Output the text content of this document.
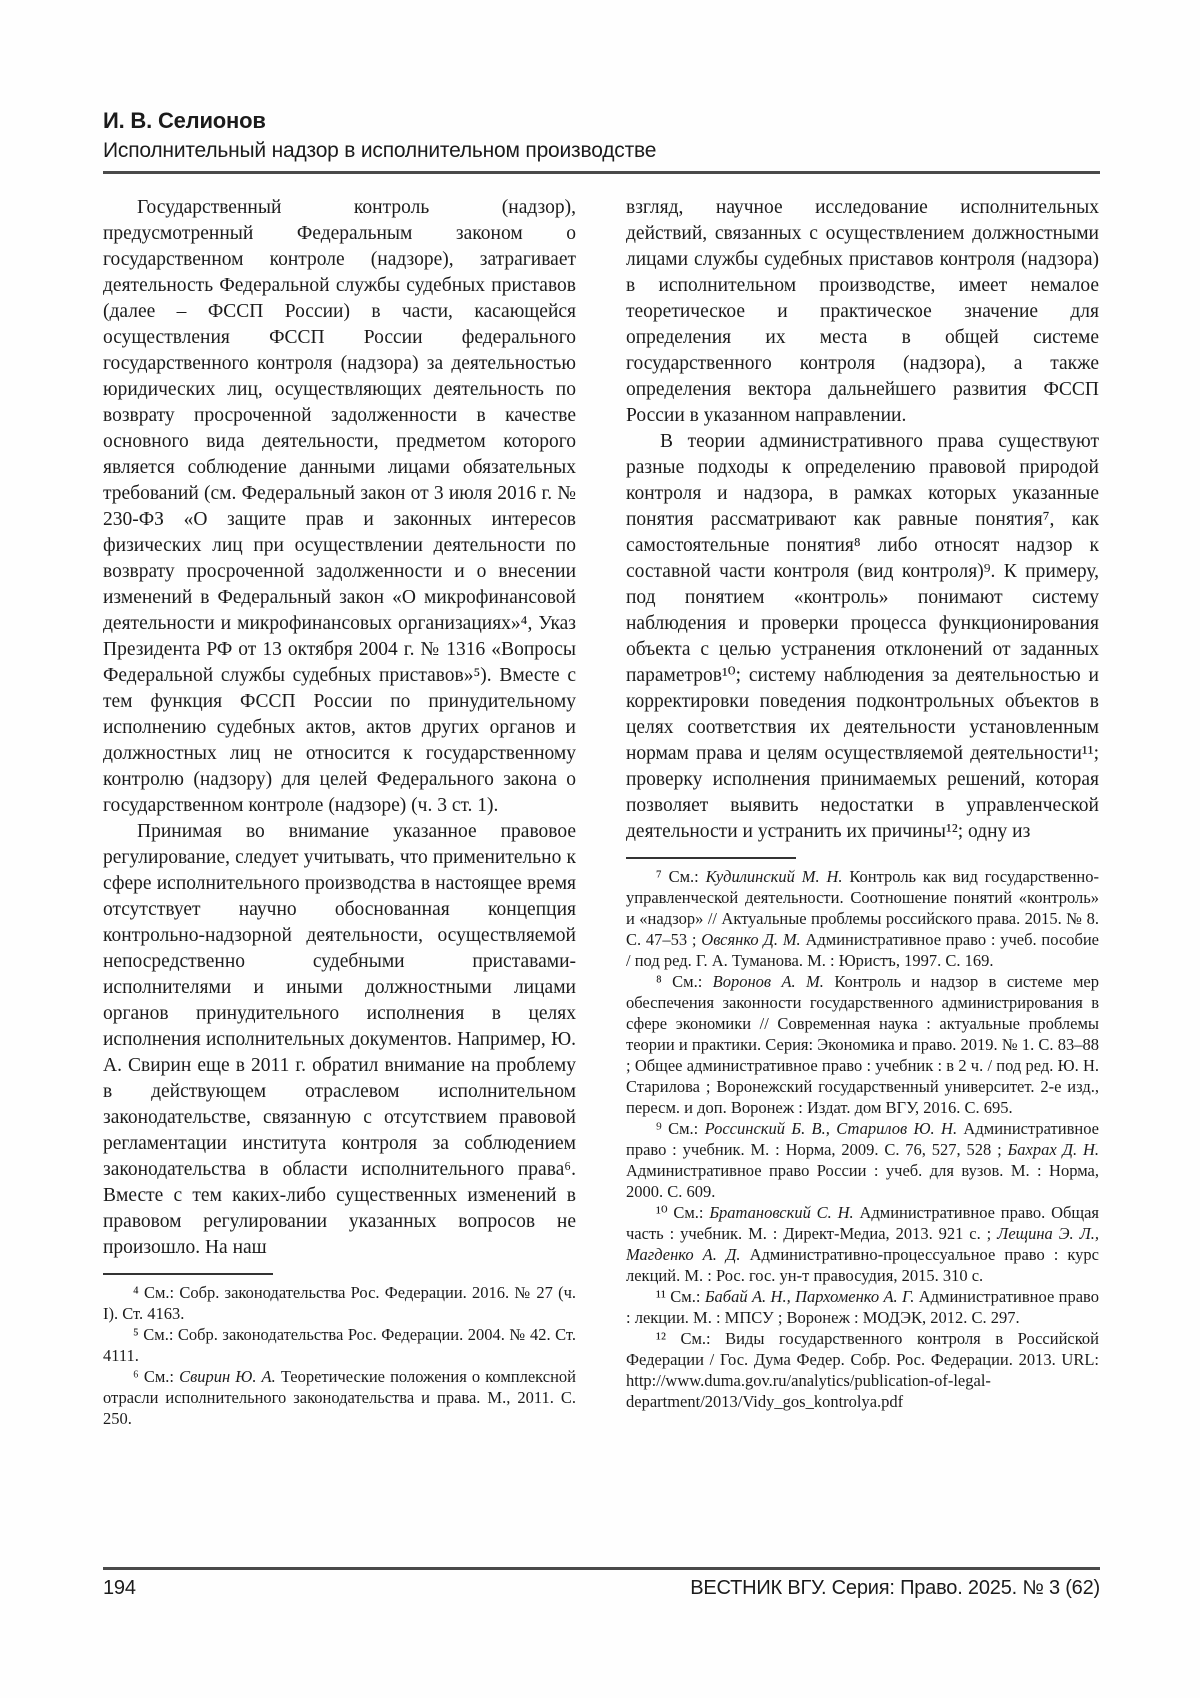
И. В. Селионов
Исполнительный надзор в исполнительном производстве

Государственный контроль (надзор), предусмотренный Федеральным законом о государственном контроле (надзоре), затрагивает деятельность Федеральной службы судебных приставов (далее – ФССП России) в части, касающейся осуществления ФССП России федерального государственного контроля (надзора) за деятельностью юридических лиц, осуществляющих деятельность по возврату просроченной задолженности в качестве основного вида деятельности, предметом которого является соблюдение данными лицами обязательных требований (см. Федеральный закон от 3 июля 2016 г. № 230-ФЗ «О защите прав и законных интересов физических лиц при осуществлении деятельности по возврату просроченной задолженности и о внесении изменений в Федеральный закон «О микрофинансовой деятельности и микрофинансовых организациях»⁴, Указ Президента РФ от 13 октября 2004 г. № 1316 «Вопросы Федеральной службы судебных приставов»⁵). Вместе с тем функция ФССП России по принудительному исполнению судебных актов, актов других органов и должностных лиц не относится к государственному контролю (надзору) для целей Федерального закона о государственном контроле (надзоре) (ч. 3 ст. 1).

Принимая во внимание указанное правовое регулирование, следует учитывать, что применительно к сфере исполнительного производства в настоящее время отсутствует научно обоснованная концепция контрольно-надзорной деятельности, осуществляемой непосредственно судебными приставами-исполнителями и иными должностными лицами органов принудительного исполнения в целях исполнения исполнительных документов. Например, Ю. А. Свирин еще в 2011 г. обратил внимание на проблему в действующем отраслевом исполнительном законодательстве, связанную с отсутствием правовой регламентации института контроля за соблюдением законодательства в области исполнительного права⁶. Вместе с тем каких-либо существенных изменений в правовом регулировании указанных вопросов не произошло. На наш

⁴ См.: Собр. законодательства Рос. Федерации. 2016. № 27 (ч. I). Ст. 4163.

⁵ См.: Собр. законодательства Рос. Федерации. 2004. № 42. Ст. 4111.

⁶ См.: Свирин Ю. А. Теоретические положения о комплексной отрасли исполнительного законодательства и права. М., 2011. С. 250.

взгляд, научное исследование исполнительных действий, связанных с осуществлением должностными лицами службы судебных приставов контроля (надзора) в исполнительном производстве, имеет немалое теоретическое и практическое значение для определения их места в общей системе государственного контроля (надзора), а также определения вектора дальнейшего развития ФССП России в указанном направлении.

В теории административного права существуют разные подходы к определению правовой природой контроля и надзора, в рамках которых указанные понятия рассматривают как равные понятия⁷, как самостоятельные понятия⁸ либо относят надзор к составной части контроля (вид контроля)⁹. К примеру, под понятием «контроль» понимают систему наблюдения и проверки процесса функционирования объекта с целью устранения отклонений от заданных параметров¹⁰; систему наблюдения за деятельностью и корректировки поведения подконтрольных объектов в целях соответствия их деятельности установленным нормам права и целям осуществляемой деятельности¹¹; проверку исполнения принимаемых решений, которая позволяет выявить недостатки в управленческой деятельности и устранить их причины¹²; одну из

⁷ См.: Кудилинский М. Н. Контроль как вид государственно-управленческой деятельности. Соотношение понятий «контроль» и «надзор» // Актуальные проблемы российского права. 2015. № 8. С. 47–53 ; Овсянко Д. М. Административное право : учеб. пособие / под ред. Г. А. Туманова. М. : Юристъ, 1997. С. 169.

⁸ См.: Воронов А. М. Контроль и надзор в системе мер обеспечения законности государственного администрирования в сфере экономики // Современная наука : актуальные проблемы теории и практики. Серия: Экономика и право. 2019. № 1. С. 83–88 ; Общее административное право : учебник : в 2 ч. / под ред. Ю. Н. Старилова ; Воронежский государственный университет. 2-е изд., пересм. и доп. Воронеж : Издат. дом ВГУ, 2016. С. 695.

⁹ См.: Россинский Б. В., Старилов Ю. Н. Административное право : учебник. М. : Норма, 2009. С. 76, 527, 528 ; Бахрах Д. Н. Административное право России : учеб. для вузов. М. : Норма, 2000. С. 609.

¹⁰ См.: Братановский С. Н. Административное право. Общая часть : учебник. М. : Директ-Медиа, 2013. 921 с. ; Лещина Э. Л., Магденко А. Д. Административно-процессуальное право : курс лекций. М. : Рос. гос. ун-т правосудия, 2015. 310 с.

¹¹ См.: Бабай А. Н., Пархоменко А. Г. Административное право : лекции. М. : МПСУ ; Воронеж : МОДЭК, 2012. С. 297.

¹² См.: Виды государственного контроля в Российской Федерации / Гос. Дума Федер. Собр. Рос. Федерации. 2013. URL: http://www.duma.gov.ru/analytics/publication-of-legal-department/2013/Vidy_gos_kontrolya.pdf

194	ВЕСТНИК ВГУ. Серия: Право. 2025. № 3 (62)
